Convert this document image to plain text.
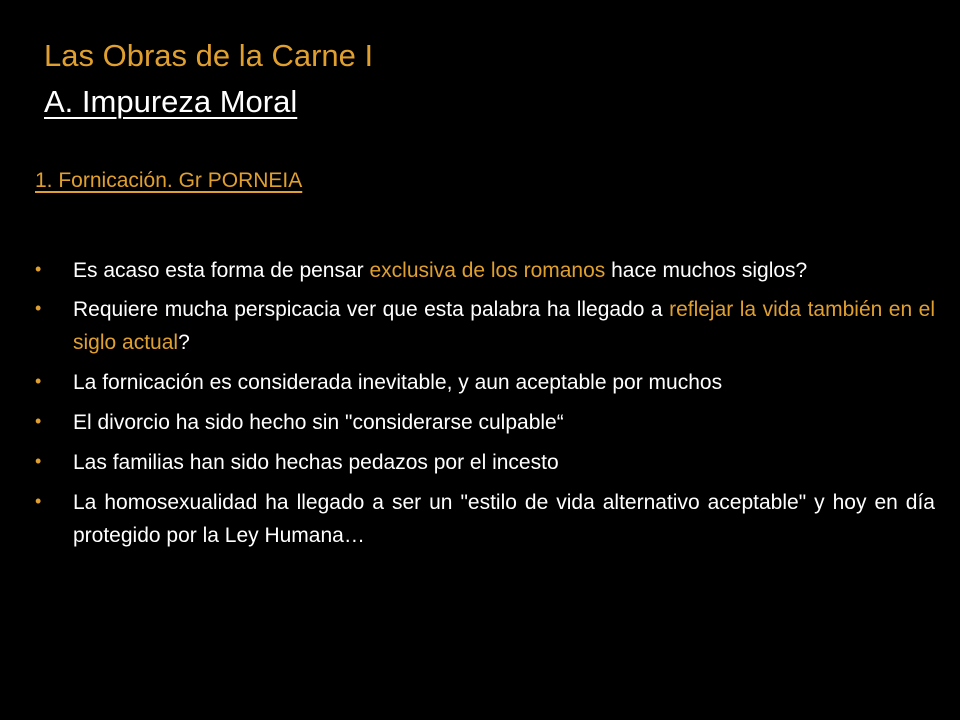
Las Obras de la Carne I
A. Impureza Moral
1. Fornicación. Gr PORNEIA
• Es acaso esta forma de pensar exclusiva de los romanos hace muchos siglos?
• Requiere mucha perspicacia ver que esta palabra ha llegado a reflejar la vida también en el siglo actual?
• La fornicación es considerada inevitable, y aun aceptable por muchos
• El divorcio ha sido hecho sin "considerarse culpable“
• Las familias han sido hechas pedazos por el incesto
• La homosexualidad ha llegado a ser un "estilo de vida alternativo aceptable" y hoy en día protegido por la Ley Humana…
